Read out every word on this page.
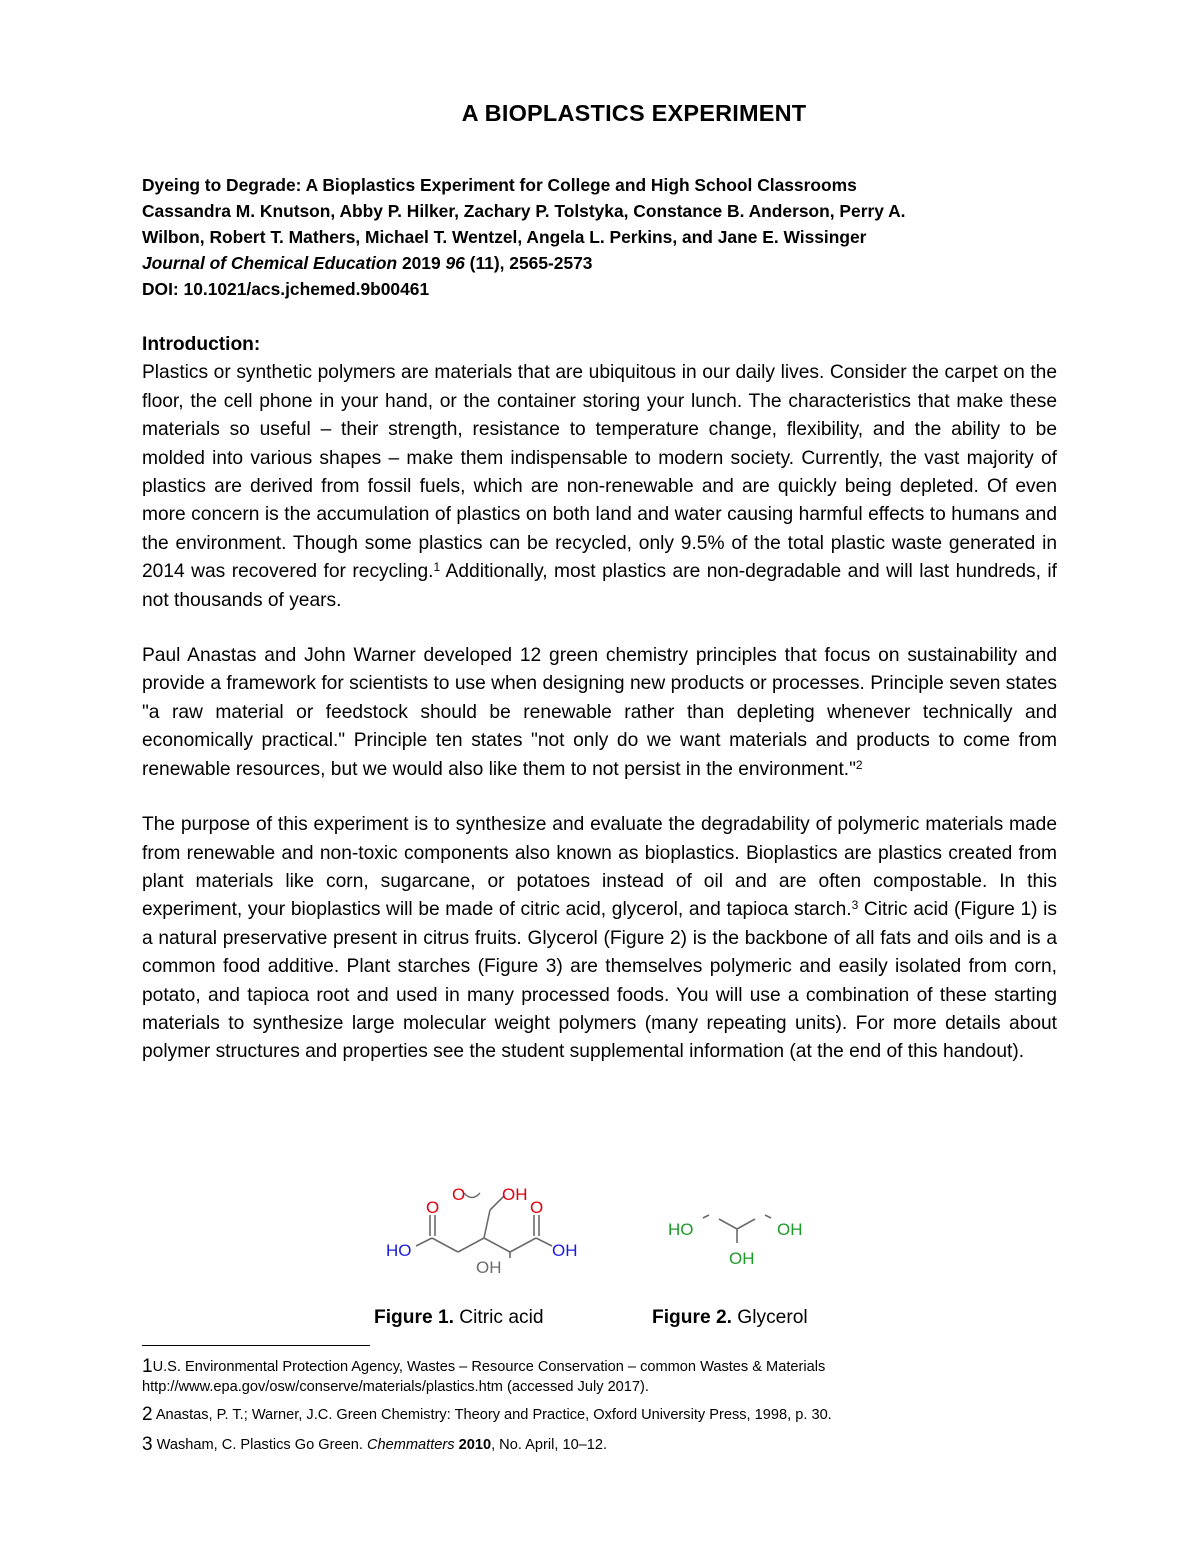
A BIOPLASTICS EXPERIMENT
Dyeing to Degrade: A Bioplastics Experiment for College and High School Classrooms
Cassandra M. Knutson, Abby P. Hilker, Zachary P. Tolstyka, Constance B. Anderson, Perry A.
Wilbon, Robert T. Mathers, Michael T. Wentzel, Angela L. Perkins, and Jane E. Wissinger
Journal of Chemical Education 2019 96 (11), 2565-2573
DOI: 10.1021/acs.jchemed.9b00461
Introduction:
Plastics or synthetic polymers are materials that are ubiquitous in our daily lives. Consider the carpet on the floor, the cell phone in your hand, or the container storing your lunch. The characteristics that make these materials so useful – their strength, resistance to temperature change, flexibility, and the ability to be molded into various shapes – make them indispensable to modern society. Currently, the vast majority of plastics are derived from fossil fuels, which are non-renewable and are quickly being depleted. Of even more concern is the accumulation of plastics on both land and water causing harmful effects to humans and the environment. Though some plastics can be recycled, only 9.5% of the total plastic waste generated in 2014 was recovered for recycling.$^1$ Additionally, most plastics are non-degradable and will last hundreds, if not thousands of years.
Paul Anastas and John Warner developed 12 green chemistry principles that focus on sustainability and provide a framework for scientists to use when designing new products or processes. Principle seven states "a raw material or feedstock should be renewable rather than depleting whenever technically and economically practical." Principle ten states "not only do we want materials and products to come from renewable resources, but we would also like them to not persist in the environment."$^2$
The purpose of this experiment is to synthesize and evaluate the degradability of polymeric materials made from renewable and non-toxic components also known as bioplastics. Bioplastics are plastics created from plant materials like corn, sugarcane, or potatoes instead of oil and are often compostable. In this experiment, your bioplastics will be made of citric acid, glycerol, and tapioca starch.$^3$ Citric acid (Figure 1) is a natural preservative present in citrus fruits. Glycerol (Figure 2) is the backbone of all fats and oils and is a common food additive. Plant starches (Figure 3) are themselves polymeric and easily isolated from corn, potato, and tapioca root and used in many processed foods. You will use a combination of these starting materials to synthesize large molecular weight polymers (many repeating units). For more details about polymer structures and properties see the student supplemental information (at the end of this handout).
O OH
O	O
HO	OH
OH
HO	OH
OH
Figure 1. Citric acid	Figure 2. Glycerol
1U.S. Environmental Protection Agency, Wastes – Resource Conservation – common Wastes & Materials
http://www.epa.gov/osw/conserve/materials/plastics.htm (accessed July 2017).
2 Anastas, P. T.; Warner, J.C. Green Chemistry: Theory and Practice, Oxford University Press, 1998, p. 30.
3 Washam, C. Plastics Go Green. Chemmatters 2010, No. April, 10–12.
